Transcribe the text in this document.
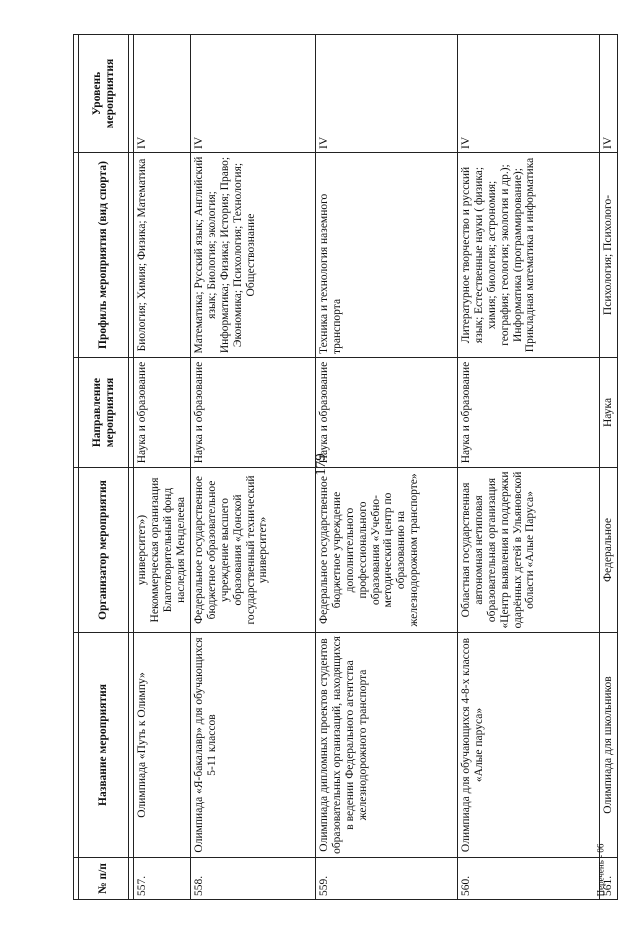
179

№ п/п	Название мероприятия	Организатор мероприятия	Направление мероприятия	Профиль мероприятия (вид спорта)	Уровень мероприятия

557.	Олимпиада «Путь к Олимпу»	университет») Некоммерческая организация Благотворительный фонд наследия Менделеева	Наука и образование	Биология; Химия; Физика; Математика	IV
558.	Олимпиада «Я-бакалавр» для обучающихся 5-11 классов	Федеральное государственное бюджетное образовательное учреждение высшего образования «Донской государственный технический университет»	Наука и образование	Математика; Русский язык; Английский язык; Биология; экология; Информатика; Физика; История; Право; Экономика; Психология; Технология; Обществознание	IV
559.	Олимпиада дипломных проектов студентов образовательных организаций, находящихся в ведении Федерального агентства железнодорожного транспорта	Федеральное государственное бюджетное учреждение дополнительного профессионального образования «Учебно-методический центр по образованию на железнодорожном транспорте»	Наука и образование	Техника и технология наземного транспорта	IV
560.	Олимпиада для обучающихся 4-8-х классов «Алые паруса»	Областная государственная автономная нетиповая образовательная организация «Центр выявления и поддержки одарённых детей в Ульяновской области «Алые Паруса»	Наука и образование	Литературное творчество и русский язык; Естественные науки ( физика; химия; биология; астрономия; география; геология; экология и др.); Информатика (программирование); Прикладная математика и информатика	IV
561.	Олимпиада для школьников	Федеральное	Наука	Психология; Психолого-	IV
Перечень - 06
